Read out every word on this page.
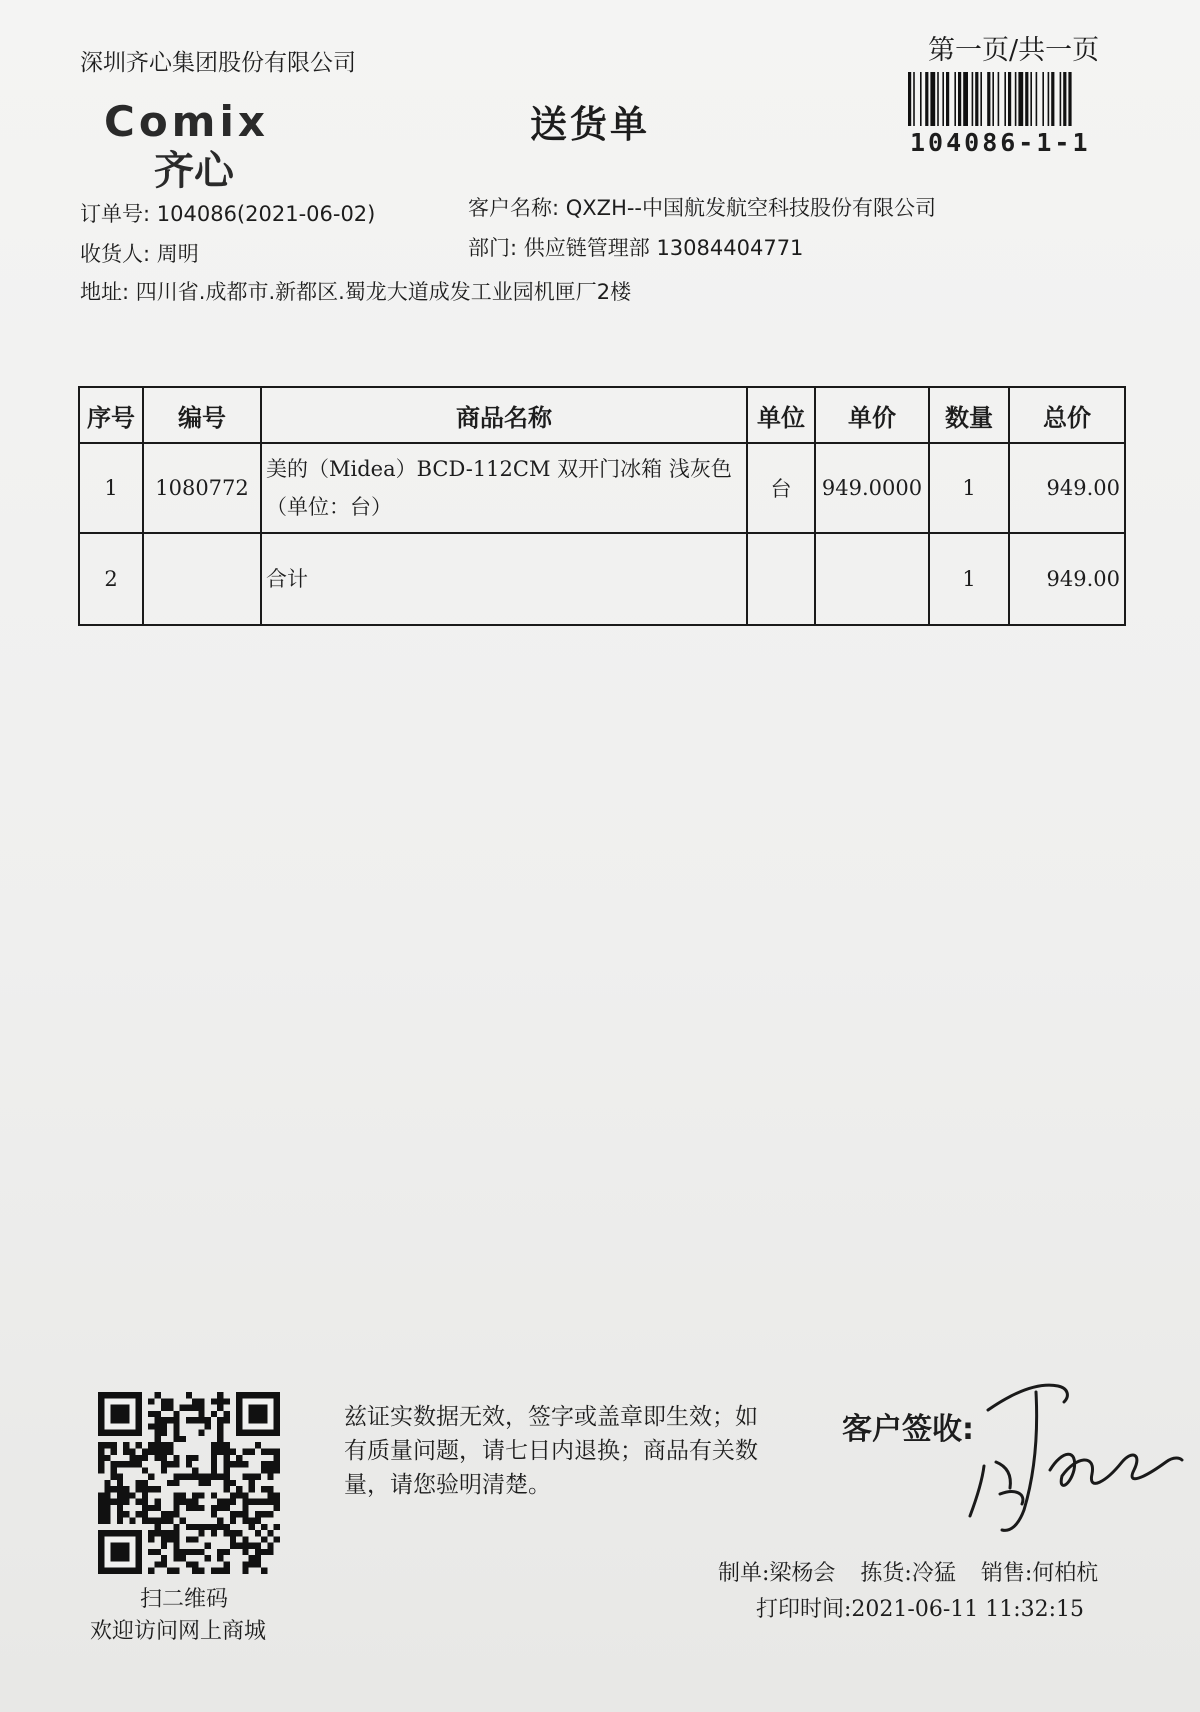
深圳齐心集团股份有限公司	第一页/共一页
104086-1-1
送货单
Comix
齐心
订单号: 104086(2021-06-02)
收货人: 周明
地址: 四川省.成都市.新都区.蜀龙大道成发工业园机匣厂2楼
客户名称: QXZH--中国航发航空科技股份有限公司
部门: 供应链管理部 13084404771
序号	编号	商品名称	单位	单价	数量	总价
1	1080772	美的（Midea）BCD-112CM 双开门冰箱 浅灰色
（单位：台）	台	949.0000	1	949.00
2		合计			1	949.00
扫二维码
欢迎访问网上商城
兹证实数据无效，签字或盖章即生效；如有质量问题，请七日内退换；商品有关数量，请您验明清楚。
客户签收:
制单:梁杨会 拣货:冷猛 销售:何柏杭
打印时间:2021-06-11 11:32:15
